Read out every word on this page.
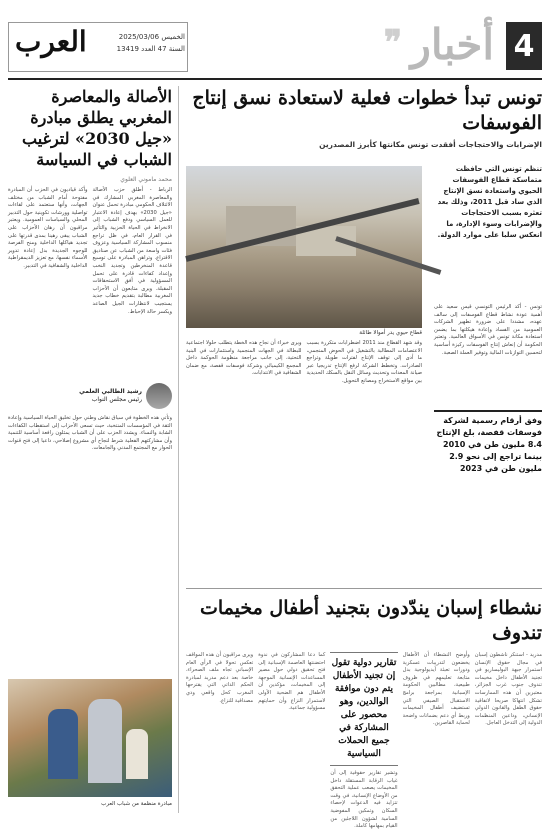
4
أخبار
❞
العرب	الخميس 2025/03/06
السنة 47 العدد 13419
الأصالة والمعاصرة المغربي يطلق مبادرة «جيل 2030» لترغيب الشباب في السياسة
محمد ماموني العلوي
الرباط - أطلق حزب الأصالة والمعاصرة المغربي المشارك في الائتلاف الحكومي مبادرة تحمل عنوان «جيل 2030» بهدف إعادة الاعتبار للعمل السياسي ودفع الشباب إلى الانخراط في الحياة الحزبية والتأثير في القرار العام، في ظل تراجع منسوب المشاركة السياسية وعزوف فئات واسعة من الشباب عن صناديق الاقتراع. وتراهن المبادرة على توسيع قاعدة المنخرطين وتجديد النخب وإعداد كفاءات قادرة على تحمل المسؤولية في أفق الاستحقاقات المقبلة. ويرى متابعون أن الأحزاب المغربية مطالبة بتقديم خطاب جديد يستجيب لانتظارات الجيل الصاعد ويكسر حالة الإحباط.
وأكد قياديون في الحزب أن المبادرة مفتوحة أمام الشباب من مختلف الجهات، وأنها ستعتمد على لقاءات تواصلية وورشات تكوينية حول التدبير المحلي والسياسات العمومية. ويعتبر مراقبون أن رهان الأحزاب على الشباب يبقى رهينا بمدى قدرتها على تجديد هياكلها الداخلية ومنح الفرصة للوجوه الجديدة بدل إعادة تدوير الأسماء نفسها، مع تعزيز الديمقراطية الداخلية والشفافية في التدبير.
رشيد الطالبي العلمي
رئيس مجلس النواب
وتأتي هذه الخطوة في سياق نقاش وطني حول تخليق الحياة السياسية وإعادة الثقة في المؤسسات المنتخبة، حيث تسعى الأحزاب إلى استقطاب الكفاءات الشابة والنساء. ويشدد الحزب على أن الشباب يمثلون رافعة أساسية للتنمية وأن مشاركتهم الفعلية شرط لنجاح أي مشروع إصلاحي، داعيا إلى فتح قنوات الحوار مع المجتمع المدني والجامعات.
مبادرة منظمة من شباب العرب
تونس تبدأ خطوات فعلية لاستعادة نسق إنتاج الفوسفات
الإضرابات والاحتجاجات أفقدت تونس مكانتها كأبرز المصدرين
تنظم تونس التي حافظت متماسكة قطاع الفوسفات الحيوي واستعادة نسق الإنتاج الذي ساد قبل 2011، وذلك بعد تعثره بسبب الاحتجاجات والإضرابات وسوء الإدارة، ما انعكس سلبا على موارد الدولة.
قطاع حيوي يدر أموالا طائلة
تونس - أكد الرئيس التونسي قيس سعيد على أهمية عودة نشاط قطاع الفوسفات إلى سالف عهده، مشددا على ضرورة تطهير الشركات العمومية من الفساد وإعادة هيكلتها بما يضمن استعادة مكانة تونس في الأسواق العالمية. وتعتبر الحكومة أن إنعاش إنتاج الفوسفات ركيزة أساسية لتحسين التوازنات المالية وتوفير العملة الصعبة.
وفق أرقام رسمية لشركة فوسفات قفصة، بلغ الإنتاج 8.4 مليون طن في 2010 بينما تراجع إلى نحو 2.9 مليون طن في 2023
وقد شهد القطاع منذ 2011 اضطرابات متكررة بسبب الاعتصامات المطالبة بالتشغيل في الحوض المنجمي، ما أدى إلى توقف الإنتاج لفترات طويلة وتراجع الصادرات. وتخطط الشركة لرفع الإنتاج تدريجيا عبر صيانة المعدات وتحديث وسائل النقل بالسكك الحديدية بين مواقع الاستخراج ومصانع التحويل.
ويرى خبراء أن نجاح هذه الخطة يتطلب حلولا اجتماعية للبطالة في الجهات المنجمية واستثمارات في البنية التحتية، إلى جانب مراجعة منظومة الحوكمة داخل المجمع الكيميائي وشركة فوسفات قفصة، مع ضمان الشفافية في الانتدابات.
نشطاء إسبان يندّدون بتجنيد أطفال مخيمات تندوف
مدريد - استنكر ناشطون إسبان في مجال حقوق الإنسان استمرار جبهة البوليساريو في تجنيد الأطفال داخل مخيمات تندوف جنوب غرب الجزائر، معتبرين أن هذه الممارسات تشكل انتهاكا صريحا لاتفاقية حقوق الطفل والقانون الدولي الإنساني، وداعين المنظمات الدولية إلى التدخل العاجل.
وأوضح النشطاء أن الأطفال يخضعون لتدريبات عسكرية ودورات تعبئة أيديولوجية بدل متابعة تعليمهم في ظروف طبيعية، مطالبين الحكومة الإسبانية بمراجعة برامج الاستقبال الصيفي التي تستضيف أطفال المخيمات وربط أي دعم بضمانات واضحة لحماية القاصرين.
تقارير دولية تقول إن تجنيد الأطفال يتم دون موافقة الوالدين، وهو محصور على المشاركة في جميع الحملات السياسية
وتشير تقارير حقوقية إلى أن غياب الرقابة المستقلة داخل المخيمات يصعب عملية التحقق من الأوضاع الإنسانية، في وقت تتزايد فيه الدعوات لإحصاء السكان وتمكين المفوضية السامية لشؤون اللاجئين من القيام بمهامها كاملة.
كما دعا المشاركون في ندوة احتضنتها العاصمة الإسبانية إلى فتح تحقيق دولي حول مصير المساعدات الإنسانية الموجهة إلى المخيمات، مؤكدين أن الأطفال هم الضحية الأولى لاستمرار النزاع وأن حمايتهم مسؤولية جماعية.
ويرى مراقبون أن هذه المواقف تعكس تحولا في الرأي العام الإسباني تجاه ملف الصحراء، خاصة بعد دعم مدريد لمبادرة الحكم الذاتي التي يقترحها المغرب كحل واقعي وذي مصداقية للنزاع.
